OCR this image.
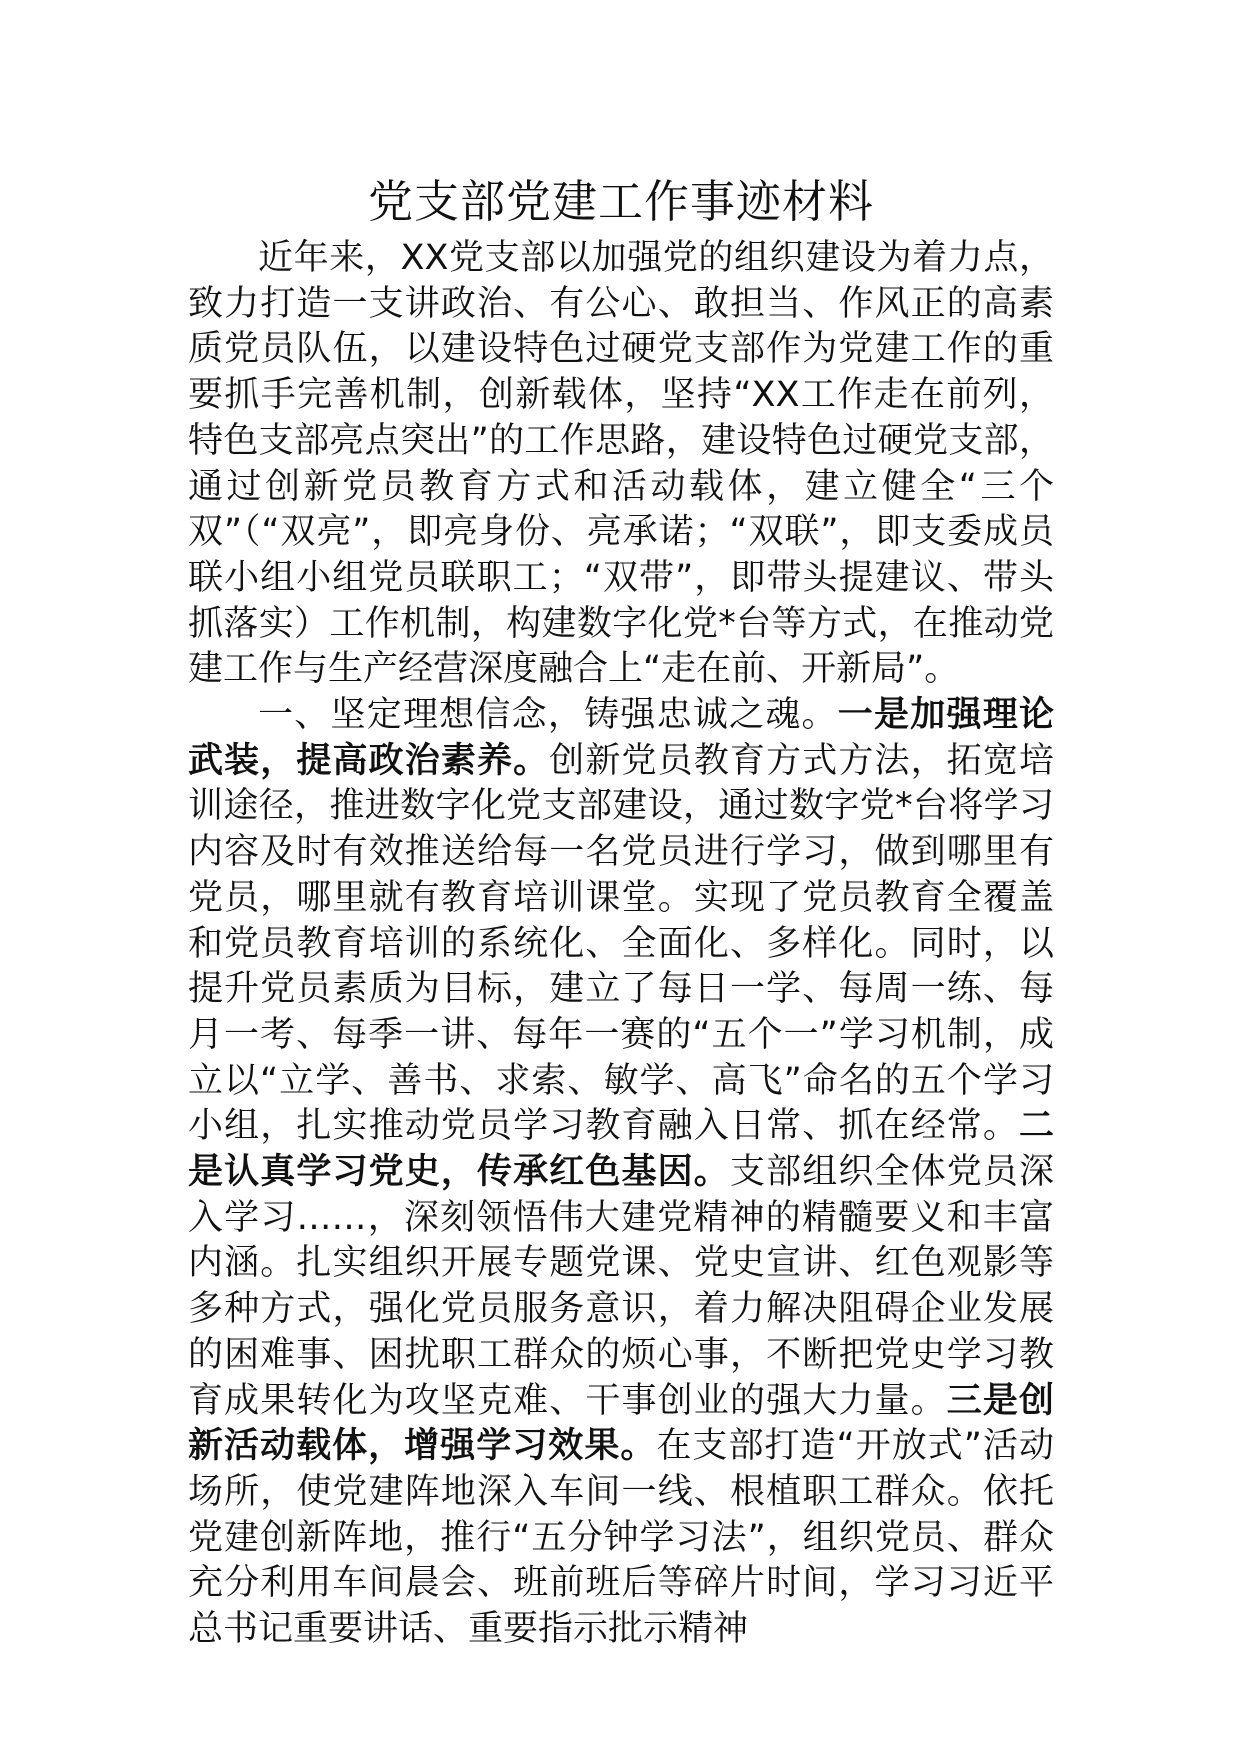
党支部党建工作事迹材料

近年来，XX党支部以加强党的组织建设为着力点，致力打造一支讲政治、有公心、敢担当、作风正的高素质党员队伍，以建设特色过硬党支部作为党建工作的重要抓手完善机制，创新载体，坚持“XX工作走在前列，特色支部亮点突出”的工作思路，建设特色过硬党支部，通过创新党员教育方式和活动载体，建立健全“三个双”（“双亮”，即亮身份、亮承诺；“双联”，即支委成员联小组小组党员联职工；“双带”，即带头提建议、带头抓落实）工作机制，构建数字化党*台等方式，在推动党建工作与生产经营深度融合上“走在前、开新局”。

一、坚定理想信念，铸强忠诚之魂。一是加强理论武装，提高政治素养。创新党员教育方式方法，拓宽培训途径，推进数字化党支部建设，通过数字党*台将学习内容及时有效推送给每一名党员进行学习，做到哪里有党员，哪里就有教育培训课堂。实现了党员教育全覆盖和党员教育培训的系统化、全面化、多样化。同时，以提升党员素质为目标，建立了每日一学、每周一练、每月一考、每季一讲、每年一赛的“五个一”学习机制，成立以“立学、善书、求索、敏学、高飞”命名的五个学习小组，扎实推动党员学习教育融入日常、抓在经常。二是认真学习党史，传承红色基因。支部组织全体党员深入学习……，深刻领悟伟大建党精神的精髓要义和丰富内涵。扎实组织开展专题党课、党史宣讲、红色观影等多种方式，强化党员服务意识，着力解决阻碍企业发展的困难事、困扰职工群众的烦心事，不断把党史学习教育成果转化为攻坚克难、干事创业的强大力量。三是创新活动载体，增强学习效果。在支部打造“开放式”活动场所，使党建阵地深入车间一线、根植职工群众。依托党建创新阵地，推行“五分钟学习法”，组织党员、群众充分利用车间晨会、班前班后等碎片时间，学习习近平总书记重要讲话、重要指示批示精神
